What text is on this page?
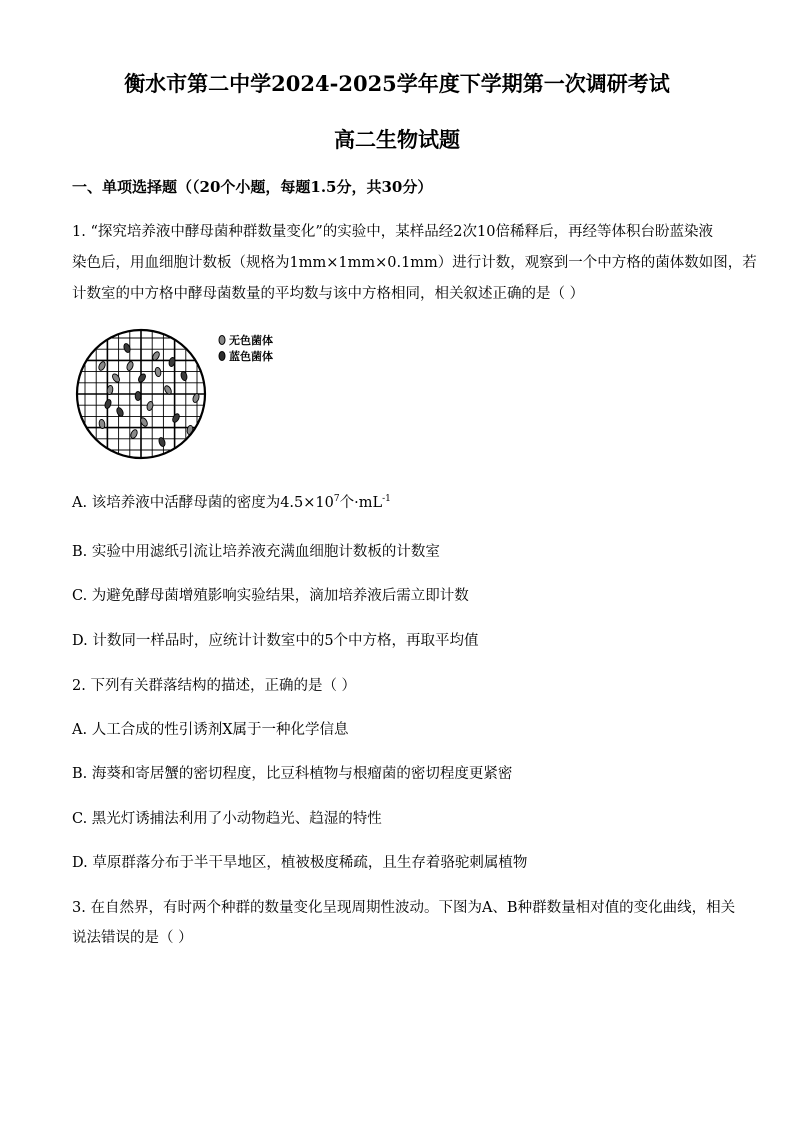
衡水市第二中学2024-2025学年度下学期第一次调研考试
高二生物试题
一、单项选择题（（20个小题，每题1.5分，共30分）
1. “探究培养液中酵母菌种群数量变化”的实验中，某样品经2次10倍稀释后，再经等体积台盼蓝染液
染色后，用血细胞计数板（规格为1mm×1mm×0.1mm）进行计数，观察到一个中方格的菌体数如图，若
计数室的中方格中酵母菌数量的平均数与该中方格相同，相关叙述正确的是（ ）
无色菌体
蓝色菌体
A. 该培养液中活酵母菌的密度为$4.5\times 10^7$个$\cdot mL^{-1}$
B. 实验中用滤纸引流让培养液充满血细胞计数板的计数室
C. 为避免酵母菌增殖影响实验结果，滴加培养液后需立即计数
D. 计数同一样品时，应统计计数室中的5个中方格，再取平均值
2. 下列有关群落结构的描述，正确的是（ ）
A. 人工合成的性引诱剂X属于一种化学信息
B. 海葵和寄居蟹的密切程度，比豆科植物与根瘤菌的密切程度更紧密
C. 黑光灯诱捕法利用了小动物趋光、趋湿的特性
D. 草原群落分布于半干旱地区，植被极度稀疏，且生存着骆驼刺属植物
3. 在自然界，有时两个种群的数量变化呈现周期性波动。下图为A、B种群数量相对值的变化曲线，相关
说法错误的是（ ）
